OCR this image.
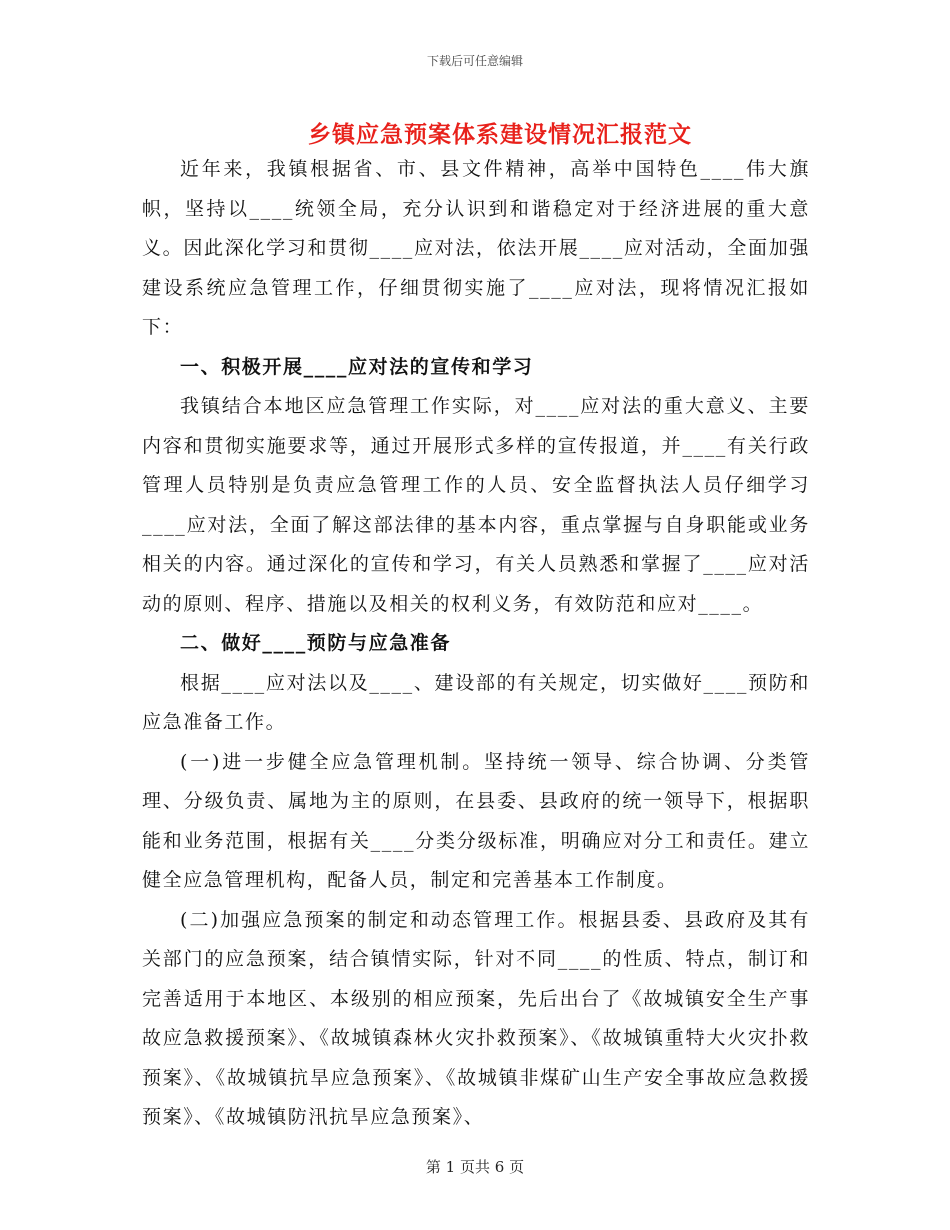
下载后可任意编辑
乡镇应急预案体系建设情况汇报范文

近年来，我镇根据省、市、县文件精神，高举中国特色____伟大旗帜，坚持以____统领全局，充分认识到和谐稳定对于经济进展的重大意义。因此深化学习和贯彻____应对法，依法开展____应对活动，全面加强建设系统应急管理工作，仔细贯彻实施了____应对法，现将情况汇报如下：

一、积极开展____应对法的宣传和学习

我镇结合本地区应急管理工作实际，对____应对法的重大意义、主要内容和贯彻实施要求等，通过开展形式多样的宣传报道，并____有关行政管理人员特别是负责应急管理工作的人员、安全监督执法人员仔细学习____应对法，全面了解这部法律的基本内容，重点掌握与自身职能或业务相关的内容。通过深化的宣传和学习，有关人员熟悉和掌握了____应对活动的原则、程序、措施以及相关的权利义务，有效防范和应对____。

二、做好____预防与应急准备

根据____应对法以及____、建设部的有关规定，切实做好____预防和应急准备工作。

(一)进一步健全应急管理机制。坚持统一领导、综合协调、分类管理、分级负责、属地为主的原则，在县委、县政府的统一领导下，根据职能和业务范围，根据有关____分类分级标准，明确应对分工和责任。建立健全应急管理机构，配备人员，制定和完善基本工作制度。

(二)加强应急预案的制定和动态管理工作。根据县委、县政府及其有关部门的应急预案，结合镇情实际，针对不同____的性质、特点，制订和完善适用于本地区、本级别的相应预案，先后出台了《故城镇安全生产事故应急救援预案》、《故城镇森林火灾扑救预案》、《故城镇重特大火灾扑救预案》、《故城镇抗旱应急预案》、《故城镇非煤矿山生产安全事故应急救援预案》、《故城镇防汛抗旱应急预案》、

第 1 页共 6 页
